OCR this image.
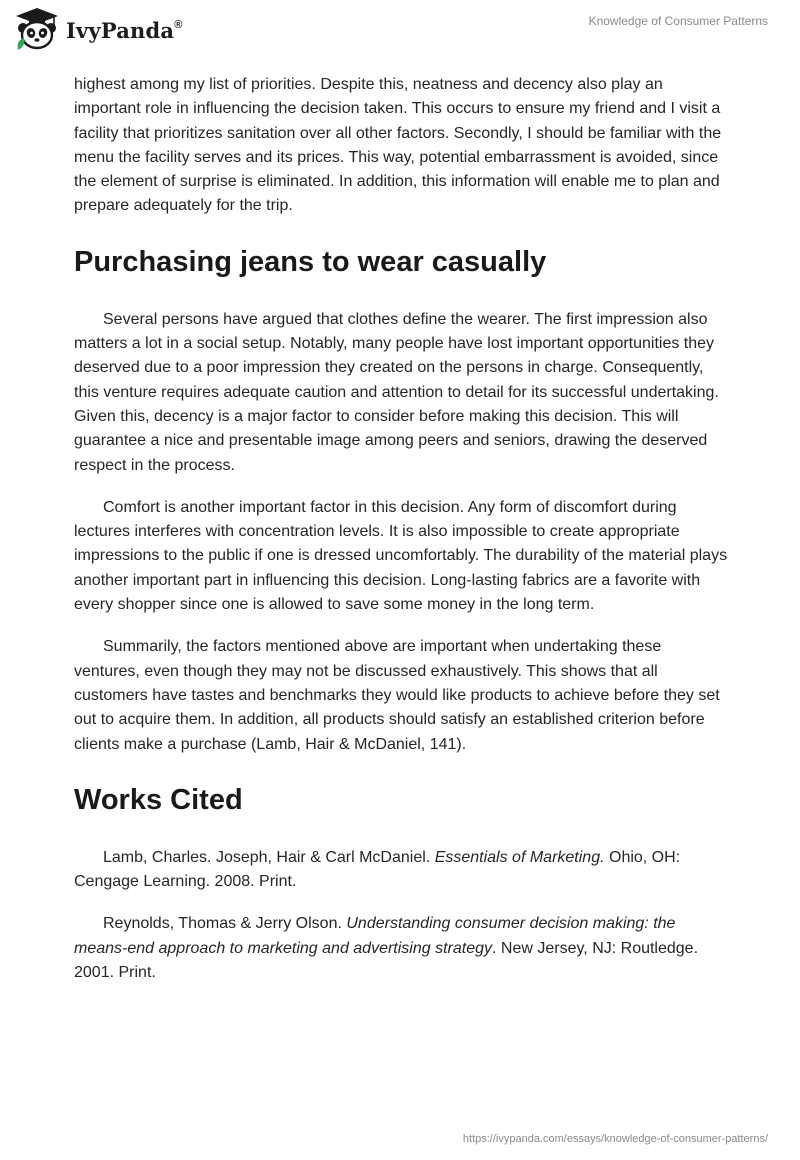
IvyPanda®	Knowledge of Consumer Patterns

highest among my list of priorities. Despite this, neatness and decency also play an important role in influencing the decision taken. This occurs to ensure my friend and I visit a facility that prioritizes sanitation over all other factors. Secondly, I should be familiar with the menu the facility serves and its prices. This way, potential embarrassment is avoided, since the element of surprise is eliminated. In addition, this information will enable me to plan and prepare adequately for the trip.

Purchasing jeans to wear casually

Several persons have argued that clothes define the wearer. The first impression also matters a lot in a social setup. Notably, many people have lost important opportunities they deserved due to a poor impression they created on the persons in charge. Consequently, this venture requires adequate caution and attention to detail for its successful undertaking. Given this, decency is a major factor to consider before making this decision. This will guarantee a nice and presentable image among peers and seniors, drawing the deserved respect in the process.

Comfort is another important factor in this decision. Any form of discomfort during lectures interferes with concentration levels. It is also impossible to create appropriate impressions to the public if one is dressed uncomfortably. The durability of the material plays another important part in influencing this decision. Long-lasting fabrics are a favorite with every shopper since one is allowed to save some money in the long term.

Summarily, the factors mentioned above are important when undertaking these ventures, even though they may not be discussed exhaustively. This shows that all customers have tastes and benchmarks they would like products to achieve before they set out to acquire them. In addition, all products should satisfy an established criterion before clients make a purchase (Lamb, Hair & McDaniel, 141).

Works Cited

Lamb, Charles. Joseph, Hair & Carl McDaniel. Essentials of Marketing. Ohio, OH: Cengage Learning. 2008. Print.

Reynolds, Thomas & Jerry Olson. Understanding consumer decision making: the means-end approach to marketing and advertising strategy. New Jersey, NJ: Routledge. 2001. Print.

https://ivypanda.com/essays/knowledge-of-consumer-patterns/
